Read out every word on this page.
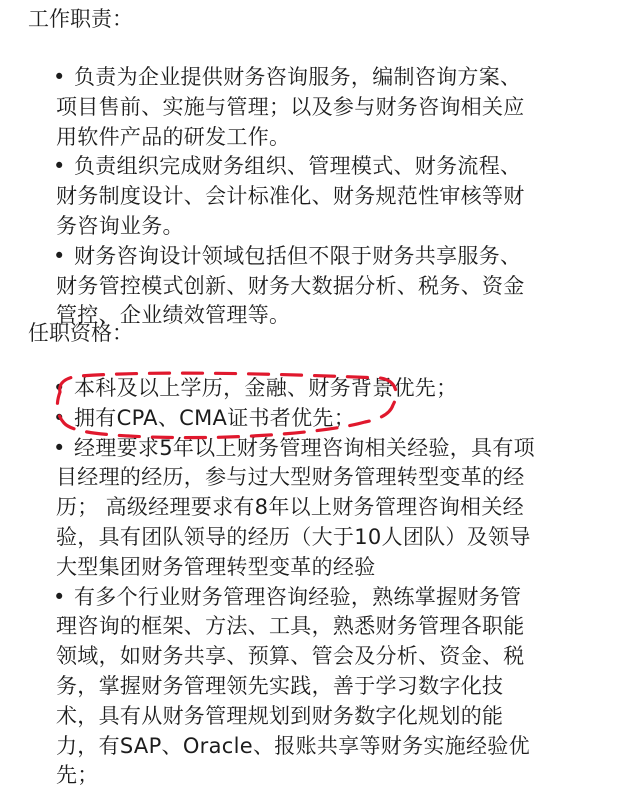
工作职责：
• 负责为企业提供财务咨询服务，编制咨询方案、
项目售前、实施与管理；以及参与财务咨询相关应
用软件产品的研发工作。
• 负责组织完成财务组织、管理模式、财务流程、
财务制度设计、会计标准化、财务规范性审核等财
务咨询业务。
• 财务咨询设计领域包括但不限于财务共享服务、
财务管控模式创新、财务大数据分析、税务、资金
管控、企业绩效管理等。
任职资格：
• 本科及以上学历，金融、财务背景优先；
• 拥有CPA、CMA证书者优先；
• 经理要求5年以上财务管理咨询相关经验，具有项
目经理的经历，参与过大型财务管理转型变革的经
历； 高级经理要求有8年以上财务管理咨询相关经
验，具有团队领导的经历（大于10人团队）及领导
大型集团财务管理转型变革的经验
• 有多个行业财务管理咨询经验，熟练掌握财务管
理咨询的框架、方法、工具，熟悉财务管理各职能
领域，如财务共享、预算、管会及分析、资金、税
务，掌握财务管理领先实践，善于学习数字化技
术，具有从财务管理规划到财务数字化规划的能
力，有SAP、Oracle、报账共享等财务实施经验优
先；
